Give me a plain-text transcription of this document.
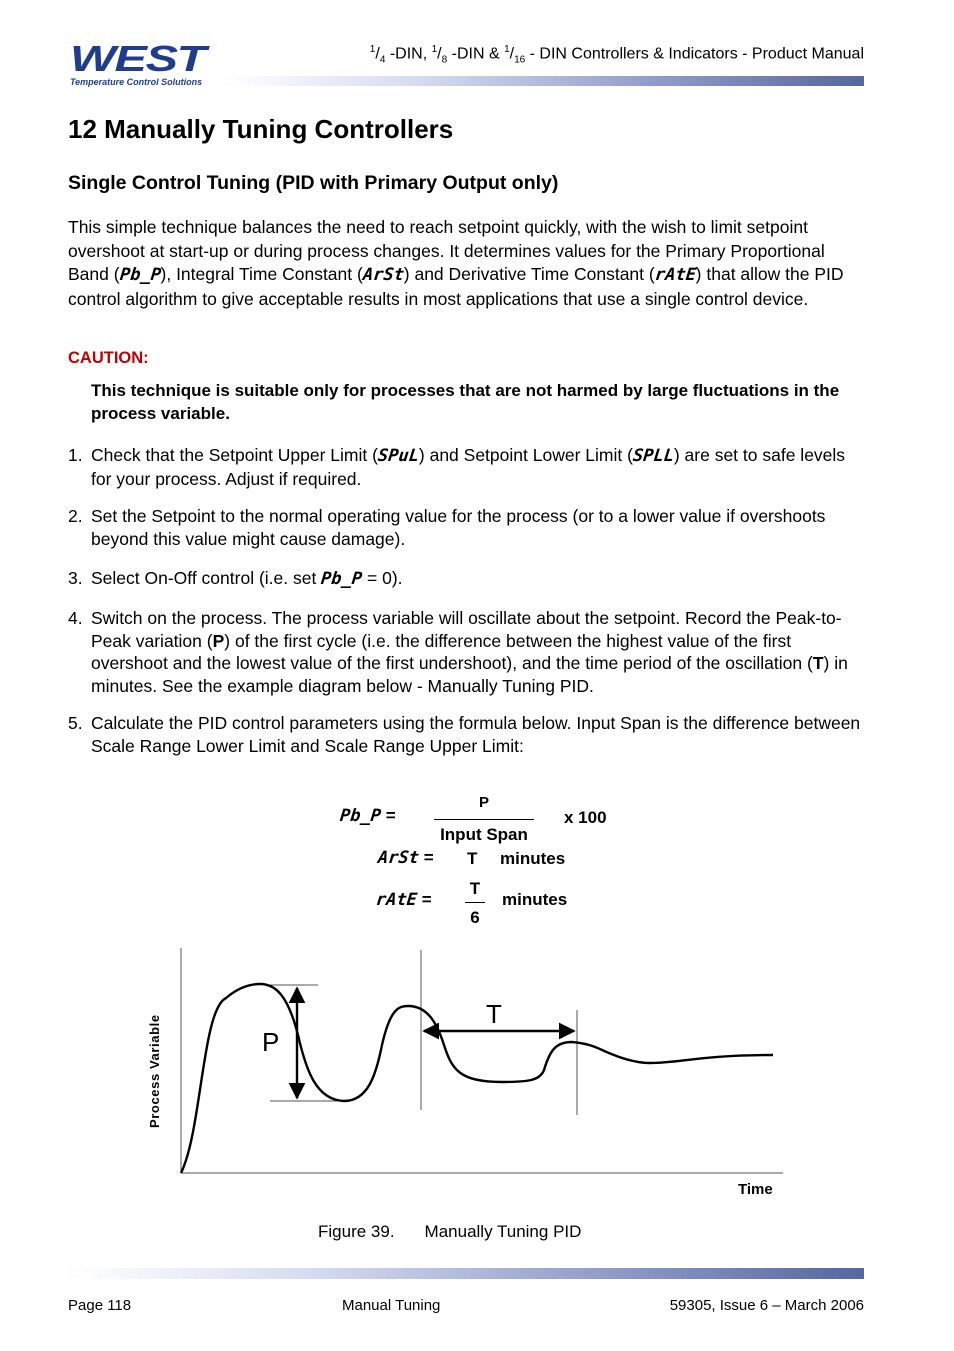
WEST
Temperature Control Solutions
$^1/_4$ -DIN, $^1/_8$ -DIN & $^1/_{16}$ - DIN Controllers & Indicators - Product Manual
12 Manually Tuning Controllers
Single Control Tuning (PID with Primary Output only)
This simple technique balances the need to reach setpoint quickly, with the wish to limit setpoint overshoot at start-up or during process changes. It determines values for the Primary Proportional Band (Pb_P), Integral Time Constant (ArSt) and Derivative Time Constant (rAtE) that allow the PID control algorithm to give acceptable results in most applications that use a single control device.
CAUTION:
This technique is suitable only for processes that are not harmed by large fluctuations in the process variable.
1. Check that the Setpoint Upper Limit (SPuL) and Setpoint Lower Limit (SPLL) are set to safe levels for your process. Adjust if required.
2. Set the Setpoint to the normal operating value for the process (or to a lower value if overshoots beyond this value might cause damage).
3. Select On-Off control (i.e. set Pb_P = 0).
4. Switch on the process. The process variable will oscillate about the setpoint. Record the Peak-to-Peak variation (P) of the first cycle (i.e. the difference between the highest value of the first overshoot and the lowest value of the first undershoot), and the time period of the oscillation (T) in minutes. See the example diagram below - Manually Tuning PID.
5. Calculate the PID control parameters using the formula below. Input Span is the difference between Scale Range Lower Limit and Scale Range Upper Limit:
Pb_P =
P
Input Span
x 100
ArSt = T minutes
rAtE =
T
6
minutes
P
T
Process Variable
Time
Figure 39. Manually Tuning PID
Page 118	Manual Tuning	59305, Issue 6 – March 2006
